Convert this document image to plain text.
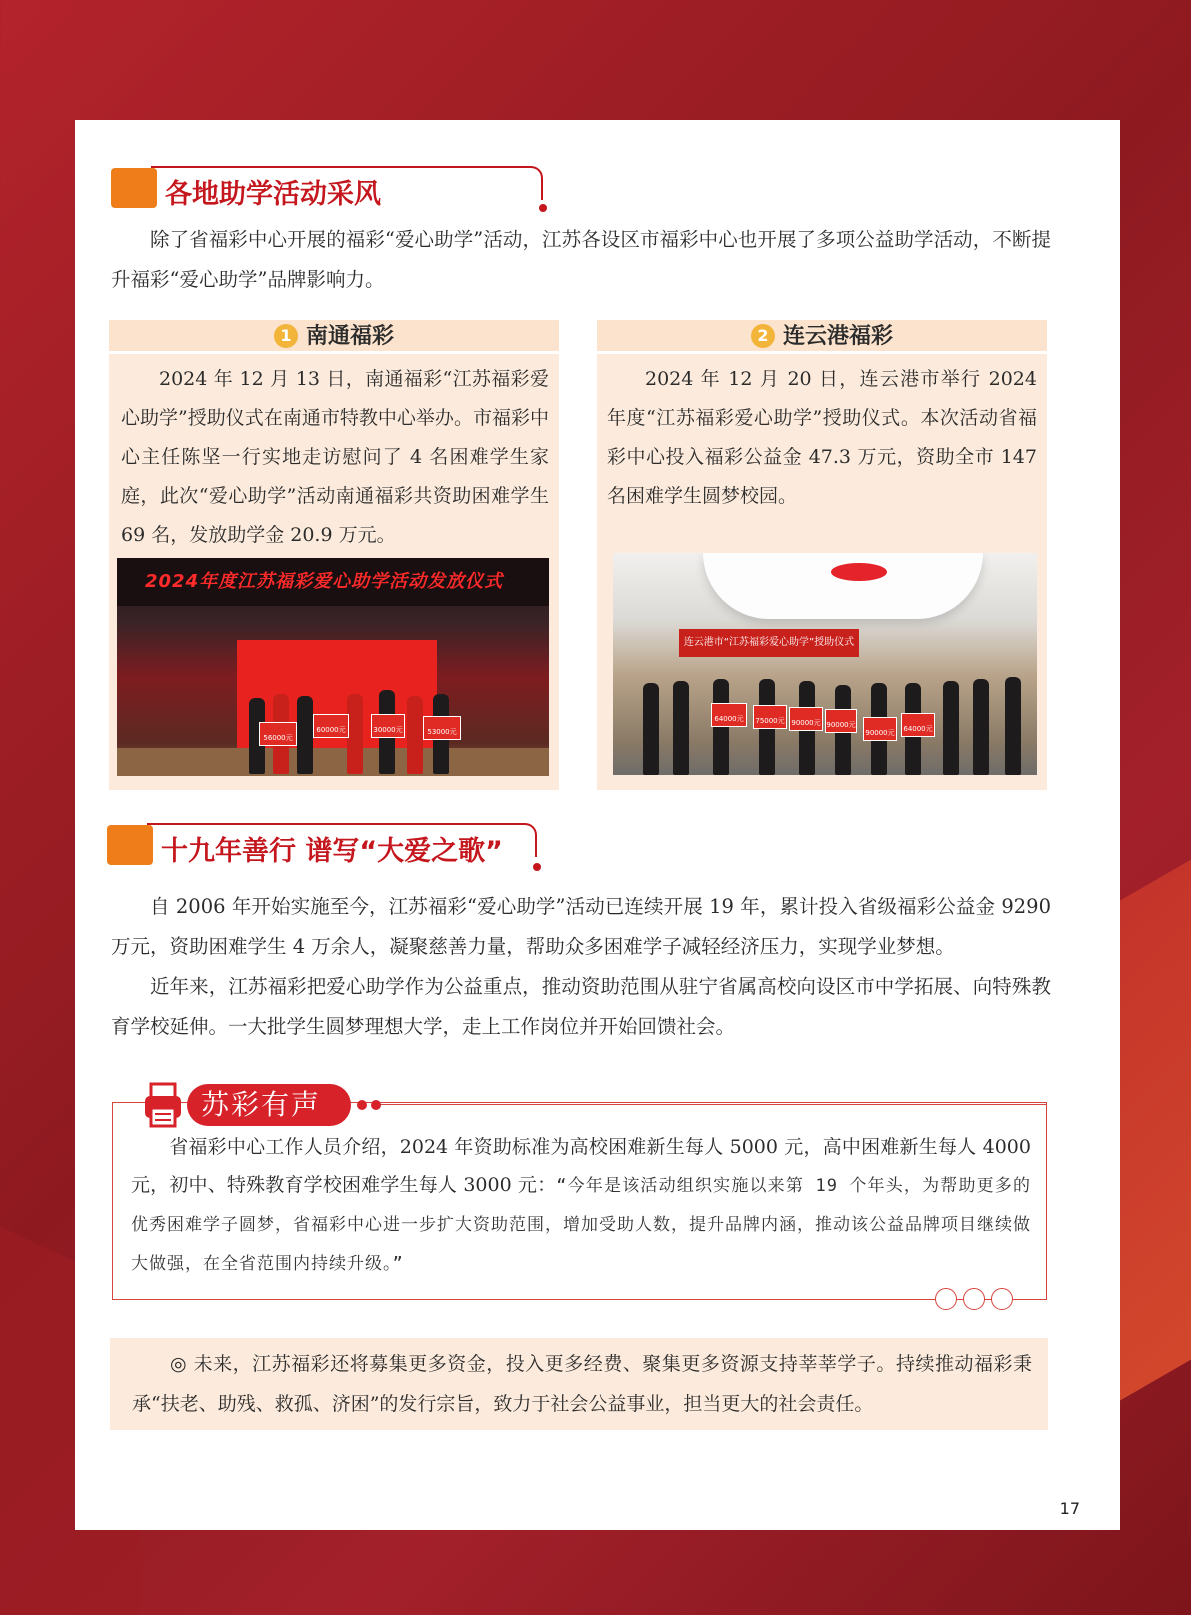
各地助学活动采风
除了省福彩中心开展的福彩“爱心助学”活动，江苏各设区市福彩中心也开展了多项公益助学活动，不断提升福彩“爱心助学”品牌影响力。
1 南通福彩
2024 年 12 月 13 日，南通福彩“江苏福彩爱心助学”授助仪式在南通市特教中心举办。市福彩中心主任陈坚一行实地走访慰问了 4 名困难学生家庭，此次“爱心助学”活动南通福彩共资助困难学生 69 名，发放助学金 20.9 万元。
2024年度江苏福彩爱心助学活动发放仪式
56000元
60000元	30000元	53000元
2 连云港福彩
2024 年 12 月 20 日，连云港市举行 2024 年度“江苏福彩爱心助学”授助仪式。本次活动省福彩中心投入福彩公益金 47.3 万元，资助全市 147 名困难学生圆梦校园。
连云港市“江苏福彩爱心助学”授助仪式
64000元	75000元 90000元 90000元
90000元	64000元
十九年善行 谱写“大爱之歌”
自 2006 年开始实施至今，江苏福彩“爱心助学”活动已连续开展 19 年，累计投入省级福彩公益金 9290 万元，资助困难学生 4 万余人，凝聚慈善力量，帮助众多困难学子减轻经济压力，实现学业梦想。
近年来，江苏福彩把爱心助学作为公益重点，推动资助范围从驻宁省属高校向设区市中学拓展、向特殊教育学校延伸。一大批学生圆梦理想大学，走上工作岗位并开始回馈社会。
苏彩有声
省福彩中心工作人员介绍，2024 年资助标准为高校困难新生每人 5000 元，高中困难新生每人 4000 元，初中、特殊教育学校困难学生每人 3000 元：“今年是该活动组织实施以来第 19 个年头，为帮助更多的优秀困难学子圆梦，省福彩中心进一步扩大资助范围，增加受助人数，提升品牌内涵，推动该公益品牌项目继续做大做强，在全省范围内持续升级。”
◎ 未来，江苏福彩还将募集更多资金，投入更多经费、聚集更多资源支持莘莘学子。持续推动福彩秉承“扶老、助残、救孤、济困”的发行宗旨，致力于社会公益事业，担当更大的社会责任。
17
